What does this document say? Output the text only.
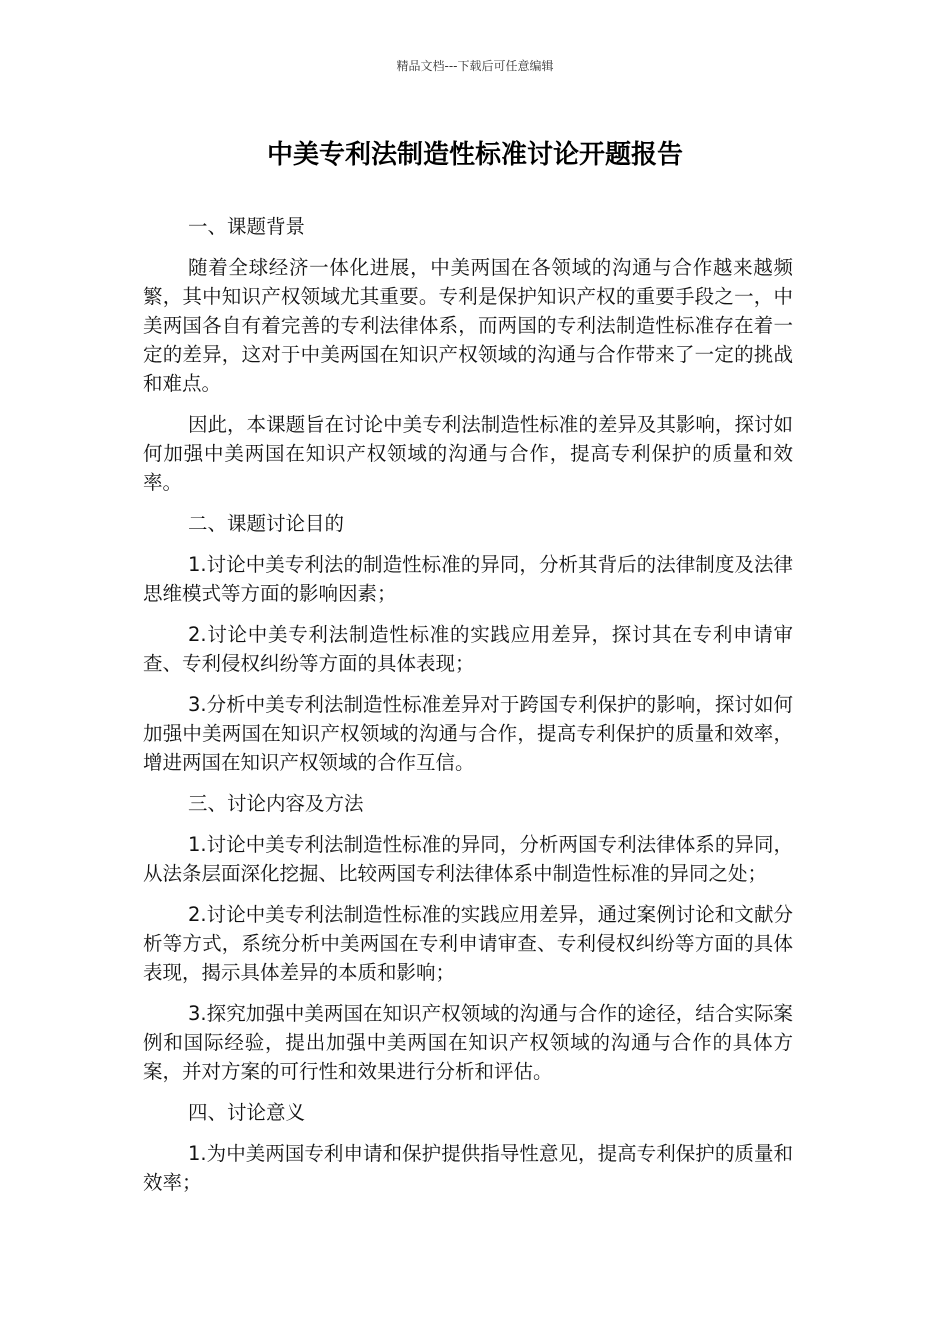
精品文档---下载后可任意编辑
中美专利法制造性标准讨论开题报告

一、课题背景

随着全球经济一体化进展，中美两国在各领域的沟通与合作越来越频繁，其中知识产权领域尤其重要。专利是保护知识产权的重要手段之一，中美两国各自有着完善的专利法律体系，而两国的专利法制造性标准存在着一定的差异，这对于中美两国在知识产权领域的沟通与合作带来了一定的挑战和难点。

因此，本课题旨在讨论中美专利法制造性标准的差异及其影响，探讨如何加强中美两国在知识产权领域的沟通与合作，提高专利保护的质量和效率。

二、课题讨论目的

1.讨论中美专利法的制造性标准的异同，分析其背后的法律制度及法律思维模式等方面的影响因素；

2.讨论中美专利法制造性标准的实践应用差异，探讨其在专利申请审查、专利侵权纠纷等方面的具体表现；

3.分析中美专利法制造性标准差异对于跨国专利保护的影响，探讨如何加强中美两国在知识产权领域的沟通与合作，提高专利保护的质量和效率，增进两国在知识产权领域的合作互信。

三、讨论内容及方法

1.讨论中美专利法制造性标准的异同，分析两国专利法律体系的异同，从法条层面深化挖掘、比较两国专利法律体系中制造性标准的异同之处；

2.讨论中美专利法制造性标准的实践应用差异，通过案例讨论和文献分析等方式，系统分析中美两国在专利申请审查、专利侵权纠纷等方面的具体表现，揭示具体差异的本质和影响；

3.探究加强中美两国在知识产权领域的沟通与合作的途径，结合实际案例和国际经验，提出加强中美两国在知识产权领域的沟通与合作的具体方案，并对方案的可行性和效果进行分析和评估。

四、讨论意义

1.为中美两国专利申请和保护提供指导性意见，提高专利保护的质量和效率；
